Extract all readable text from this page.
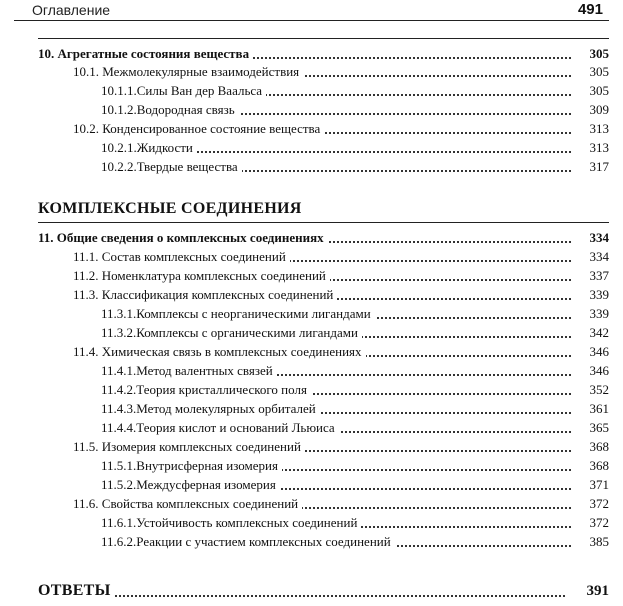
Оглавление	491
10. Агрегатные состояния вещества	305
10.1. Межмолекулярные взаимодействия	305
10.1.1.Силы Ван дер Ваальса	305
10.1.2.Водородная связь	309
10.2. Конденсированное состояние вещества	313
10.2.1.Жидкости	313
10.2.2.Твердые вещества	317
КОМПЛЕКСНЫЕ СОЕДИНЕНИЯ
11. Общие сведения о комплексных соединениях	334
11.1. Состав комплексных соединений	334
11.2. Номенклатура комплексных соединений	337
11.3. Классификация комплексных соединений	339
11.3.1.Комплексы с неорганическими лигандами	339
11.3.2.Комплексы с органическими лигандами	342
11.4. Химическая связь в комплексных соединениях	346
11.4.1.Метод валентных связей	346
11.4.2.Теория кристаллического поля	352
11.4.3.Метод молекулярных орбиталей	361
11.4.4.Теория кислот и оснований Льюиса	365
11.5. Изомерия комплексных соединений	368
11.5.1.Внутрисферная изомерия	368
11.5.2.Междусферная изомерия	371
11.6. Свойства комплексных соединений	372
11.6.1.Устойчивость комплексных соединений	372
11.6.2.Реакции с участием комплексных соединений	385
ОТВЕТЫ	391
